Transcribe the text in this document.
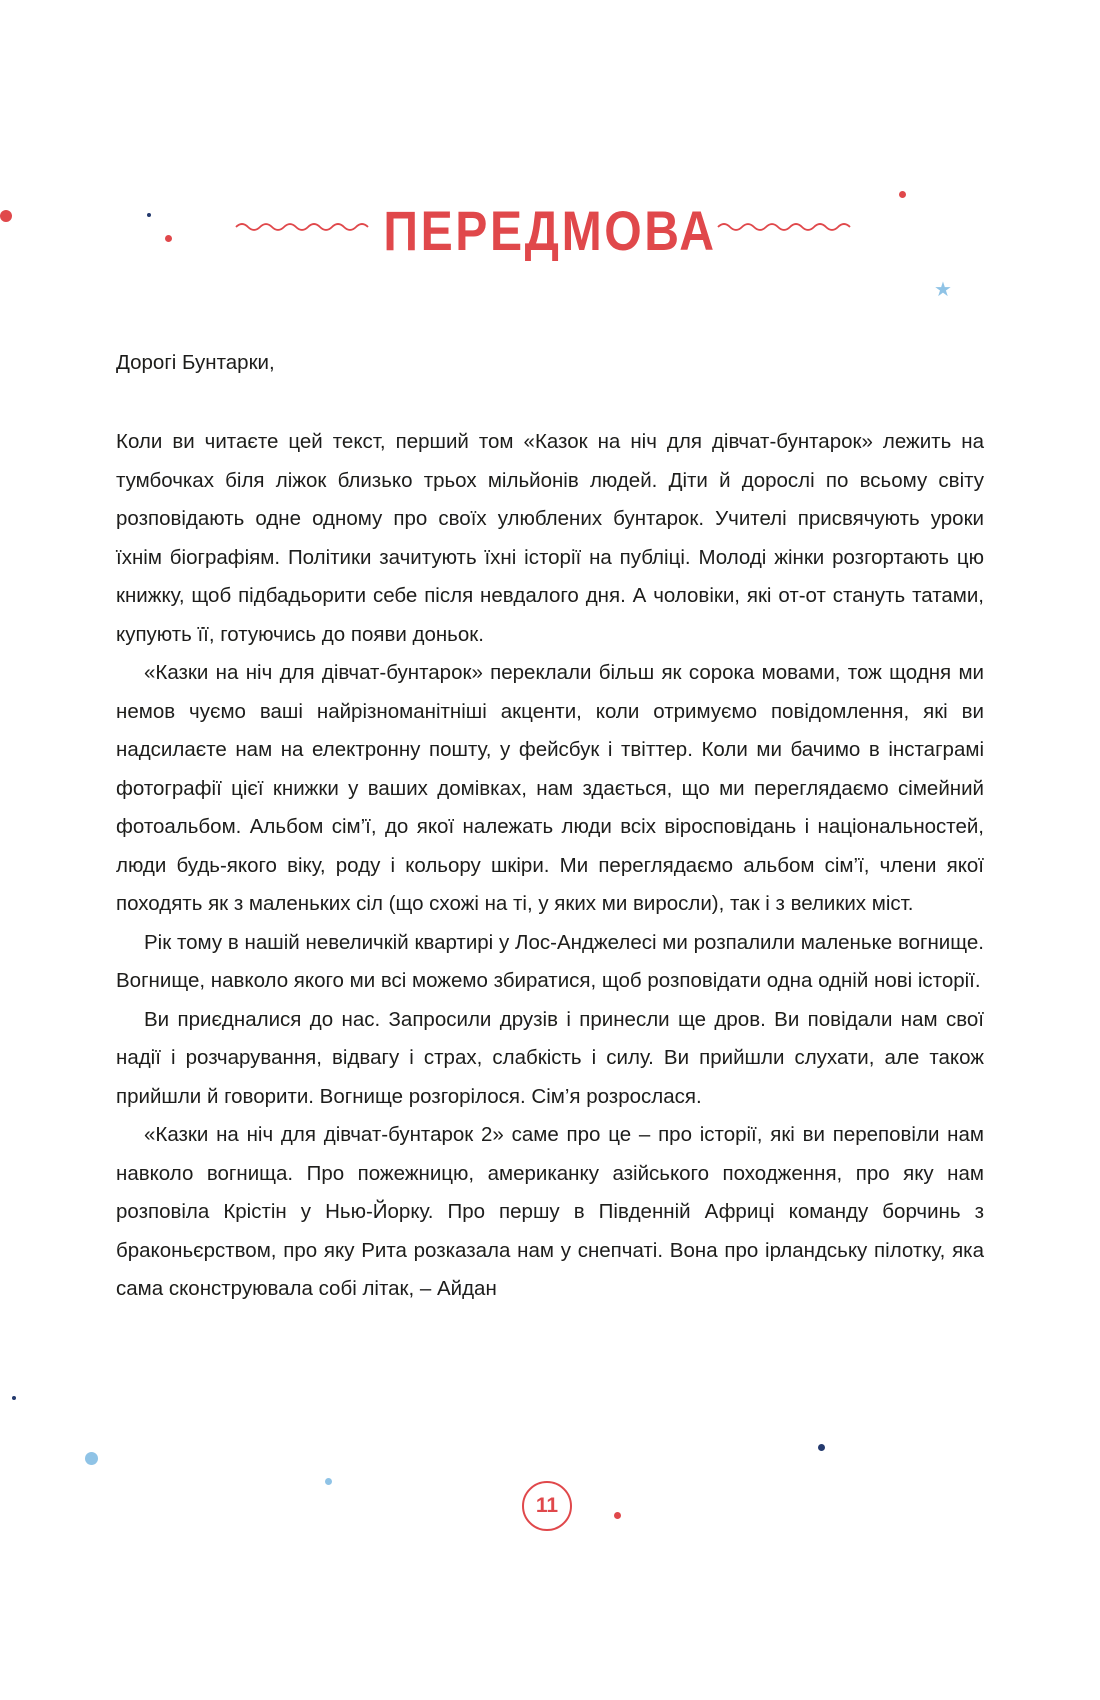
★
ПЕРЕДМОВА

Дорогі Бунтарки,

Коли ви читаєте цей текст, перший том «Казок на ніч для дівчат-бунтарок» лежить на тумбочках біля ліжок близько трьох мільйонів людей. Діти й дорослі по всьому світу розповідають одне одному про своїх улюблених бунтарок. Учителі присвячують уроки їхнім біографіям. Політики зачитують їхні історії на публіці. Молоді жінки розгортають цю книжку, щоб підбадьорити себе після невдалого дня. А чоловіки, які от-от стануть татами, купують її, готуючись до появи доньок.

«Казки на ніч для дівчат-бунтарок» переклали більш як сорока мовами, тож щодня ми немов чуємо ваші найрізноманітніші акценти, коли отримуємо повідомлення, які ви надсилаєте нам на електронну пошту, у фейсбук і твіттер. Коли ми бачимо в інстаграмі фотографії цієї книжки у ваших домівках, нам здається, що ми переглядаємо сімейний фотоальбом. Альбом сім’ї, до якої належать люди всіх віросповідань і національностей, люди будь-якого віку, роду і кольору шкіри. Ми переглядаємо альбом сім’ї, члени якої походять як з маленьких сіл (що схожі на ті, у яких ми виросли), так і з великих міст.

Рік тому в нашій невеличкій квартирі у Лос-Анджелесі ми розпалили маленьке вогнище. Вогнище, навколо якого ми всі можемо збиратися, щоб розповідати одна одній нові історії.

Ви приєдналися до нас. Запросили друзів і принесли ще дров. Ви повідали нам свої надії і розчарування, відвагу і страх, слабкість і силу. Ви прийшли слухати, але також прийшли й говорити. Вогнище розгорілося. Сім’я розрослася.

«Казки на ніч для дівчат-бунтарок 2» саме про це – про історії, які ви переповіли нам навколо вогнища. Про пожежницю, американку азійського походження, про яку нам розповіла Крістін у Нью-Йорку. Про першу в Південній Африці команду борчинь з браконьєрством, про яку Рита розказала нам у снепчаті. Вона про ірландську пілотку, яка сама сконструювала собі літак, – Айдан

11
